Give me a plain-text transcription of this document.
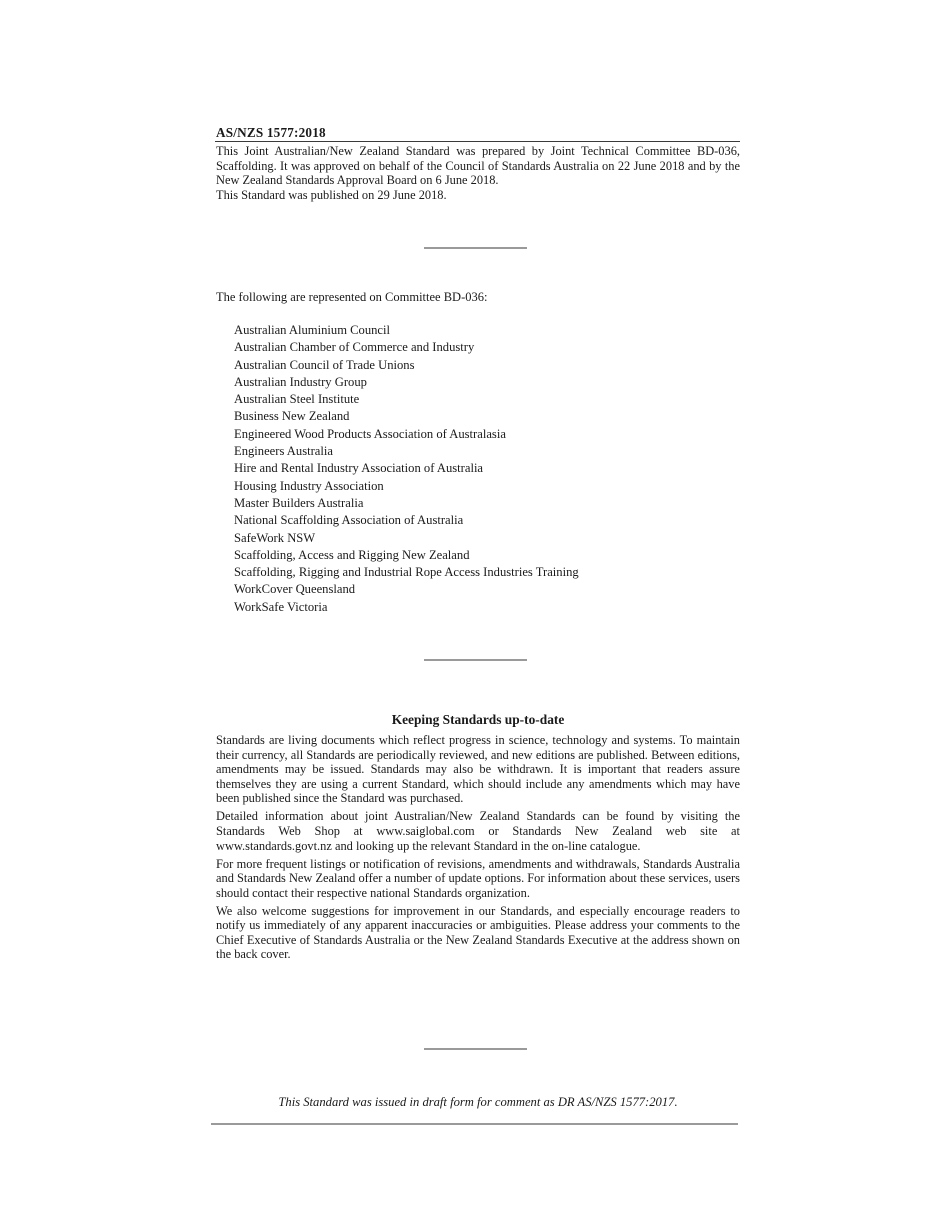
AS/NZS 1577:2018

This Joint Australian/New Zealand Standard was prepared by Joint Technical Committee BD-036, Scaffolding. It was approved on behalf of the Council of Standards Australia on 22 June 2018 and by the New Zealand Standards Approval Board on 6 June 2018.

This Standard was published on 29 June 2018.

The following are represented on Committee BD-036:
Australian Aluminium Council
Australian Chamber of Commerce and Industry
Australian Council of Trade Unions
Australian Industry Group
Australian Steel Institute
Business New Zealand
Engineered Wood Products Association of Australasia
Engineers Australia
Hire and Rental Industry Association of Australia
Housing Industry Association
Master Builders Australia
National Scaffolding Association of Australia
SafeWork NSW
Scaffolding, Access and Rigging New Zealand
Scaffolding, Rigging and Industrial Rope Access Industries Training
WorkCover Queensland
WorkSafe Victoria
Keeping Standards up-to-date

Standards are living documents which reflect progress in science, technology and systems. To maintain their currency, all Standards are periodically reviewed, and new editions are published. Between editions, amendments may be issued. Standards may also be withdrawn. It is important that readers assure themselves they are using a current Standard, which should include any amendments which may have been published since the Standard was purchased.

Detailed information about joint Australian/New Zealand Standards can be found by visiting the Standards Web Shop at www.saiglobal.com or Standards New Zealand web site at www.standards.govt.nz and looking up the relevant Standard in the on-line catalogue.

For more frequent listings or notification of revisions, amendments and withdrawals, Standards Australia and Standards New Zealand offer a number of update options. For information about these services, users should contact their respective national Standards organization.

We also welcome suggestions for improvement in our Standards, and especially encourage readers to notify us immediately of any apparent inaccuracies or ambiguities. Please address your comments to the Chief Executive of Standards Australia or the New Zealand Standards Executive at the address shown on the back cover.

This Standard was issued in draft form for comment as DR AS/NZS 1577:2017.
